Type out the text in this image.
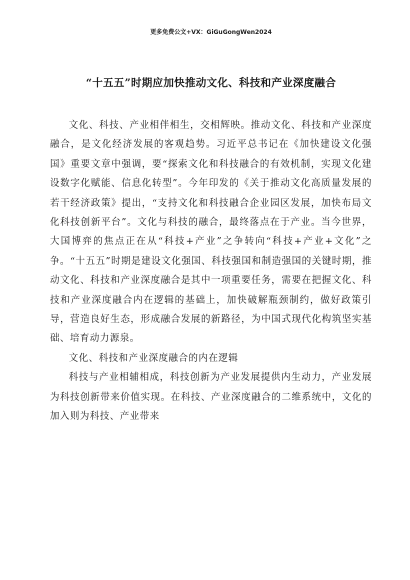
更多免费公文+VX：GiGuGongWen2024
“十五五”时期应加快推动文化、科技和产业深度融合

文化、科技、产业相伴相生，交相辉映。推动文化、科技和产业深度融合，是文化经济发展的客观趋势。习近平总书记在《加快建设文化强国》重要文章中强调，要“探索文化和科技融合的有效机制，实现文化建设数字化赋能、信息化转型”。今年印发的《关于推动文化高质量发展的若干经济政策》提出，“支持文化和科技融合企业园区发展，加快布局文化科技创新平台”。文化与科技的融合，最终落点在于产业。当今世界，大国博弈的焦点正在从“科技+产业”之争转向“科技+产业+文化”之争。“十五五”时期是建设文化强国、科技强国和制造强国的关键时期，推动文化、科技和产业深度融合是其中一项重要任务，需要在把握文化、科技和产业深度融合内在逻辑的基础上，加快破解瓶颈制约，做好政策引导，营造良好生态，形成融合发展的新路径，为中国式现代化构筑坚实基础、培育动力源泉。

文化、科技和产业深度融合的内在逻辑

科技与产业相辅相成，科技创新为产业发展提供内生动力，产业发展为科技创新带来价值实现。在科技、产业深度融合的二维系统中，文化的加入则为科技、产业带来
